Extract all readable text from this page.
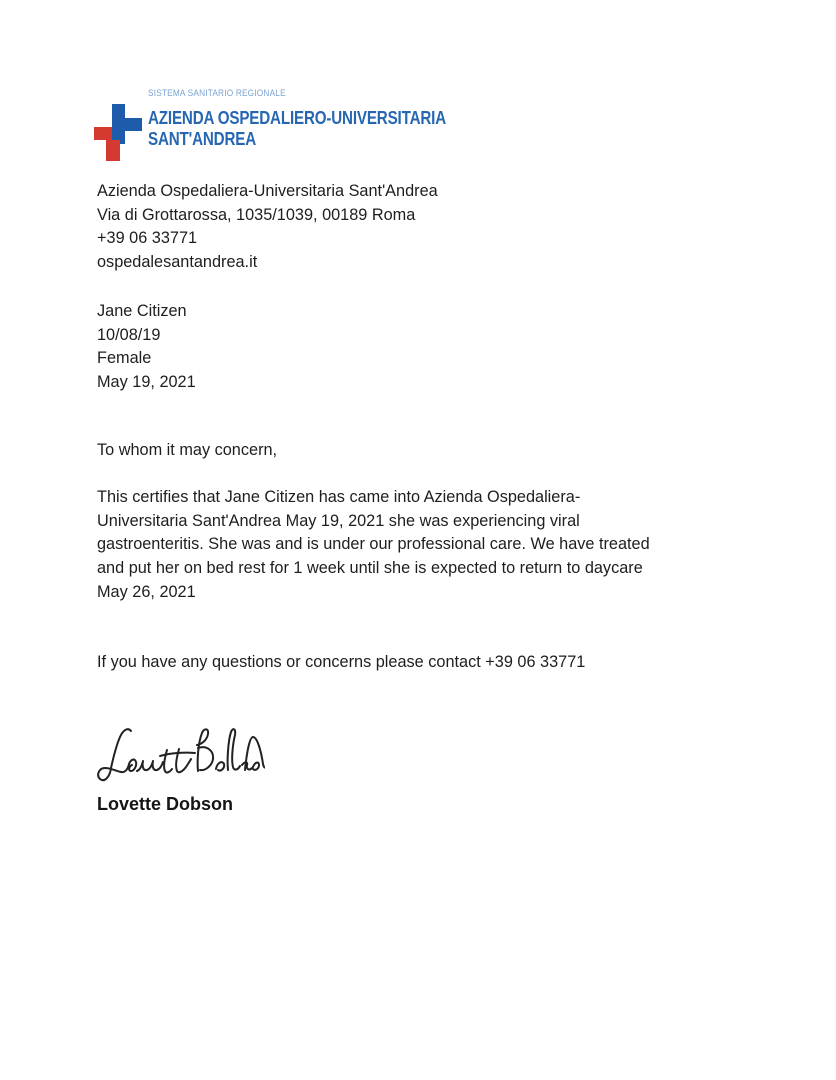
SISTEMA SANITARIO REGIONALE
AZIENDA OSPEDALIERO-UNIVERSITARIA
SANT'ANDREA
Azienda Ospedaliera-Universitaria Sant'Andrea
Via di Grottarossa, 1035/1039, 00189 Roma
+39 06 33771
ospedalesantandrea.it
Jane Citizen
10/08/19
Female
May 19, 2021
To whom it may concern,
This certifies that Jane Citizen has came into Azienda Ospedaliera-
Universitaria Sant'Andrea May 19, 2021 she was experiencing viral
gastroenteritis. She was and is under our professional care. We have treated
and put her on bed rest for 1 week until she is expected to return to daycare
May 26, 2021
If you have any questions or concerns please contact +39 06 33771
Lovette Dobson
